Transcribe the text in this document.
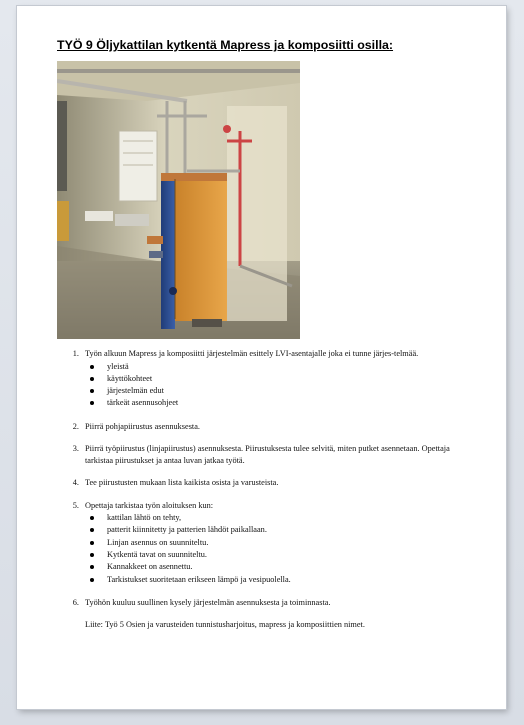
TYÖ 9 Öljykattilan kytkentä Mapress ja komposiitti osilla:
1. Työn alkuun Mapress ja komposiitti järjestelmän esittely LVI-asentajalle joka ei tunne järjes-telmää.
yleistä
käyttökohteet
järjestelmän edut
tärkeät asennusohjeet
2. Piirrä pohjapiirustus asennuksesta.
3. Piirrä työpiirustus (linjapiirustus) asennuksesta. Piirustuksesta tulee selvitä, miten putket asennetaan. Opettaja tarkistaa piirustukset ja antaa luvan jatkaa työtä.
4. Tee piirustusten mukaan lista kaikista osista ja varusteista.
5. Opettaja tarkistaa työn aloituksen kun:
kattilan lähtö on tehty,
patterit kiinnitetty ja patterien lähdöt paikallaan.
Linjan asennus on suunniteltu.
Kytkentä tavat on suunniteltu.
Kannakkeet on asennettu.
Tarkistukset suoritetaan erikseen lämpö ja vesipuolella.
6. Työhön kuuluu suullinen kysely järjestelmän asennuksesta ja toiminnasta.
Liite: Työ 5 Osien ja varusteiden tunnistusharjoitus, mapress ja komposiittien nimet.
